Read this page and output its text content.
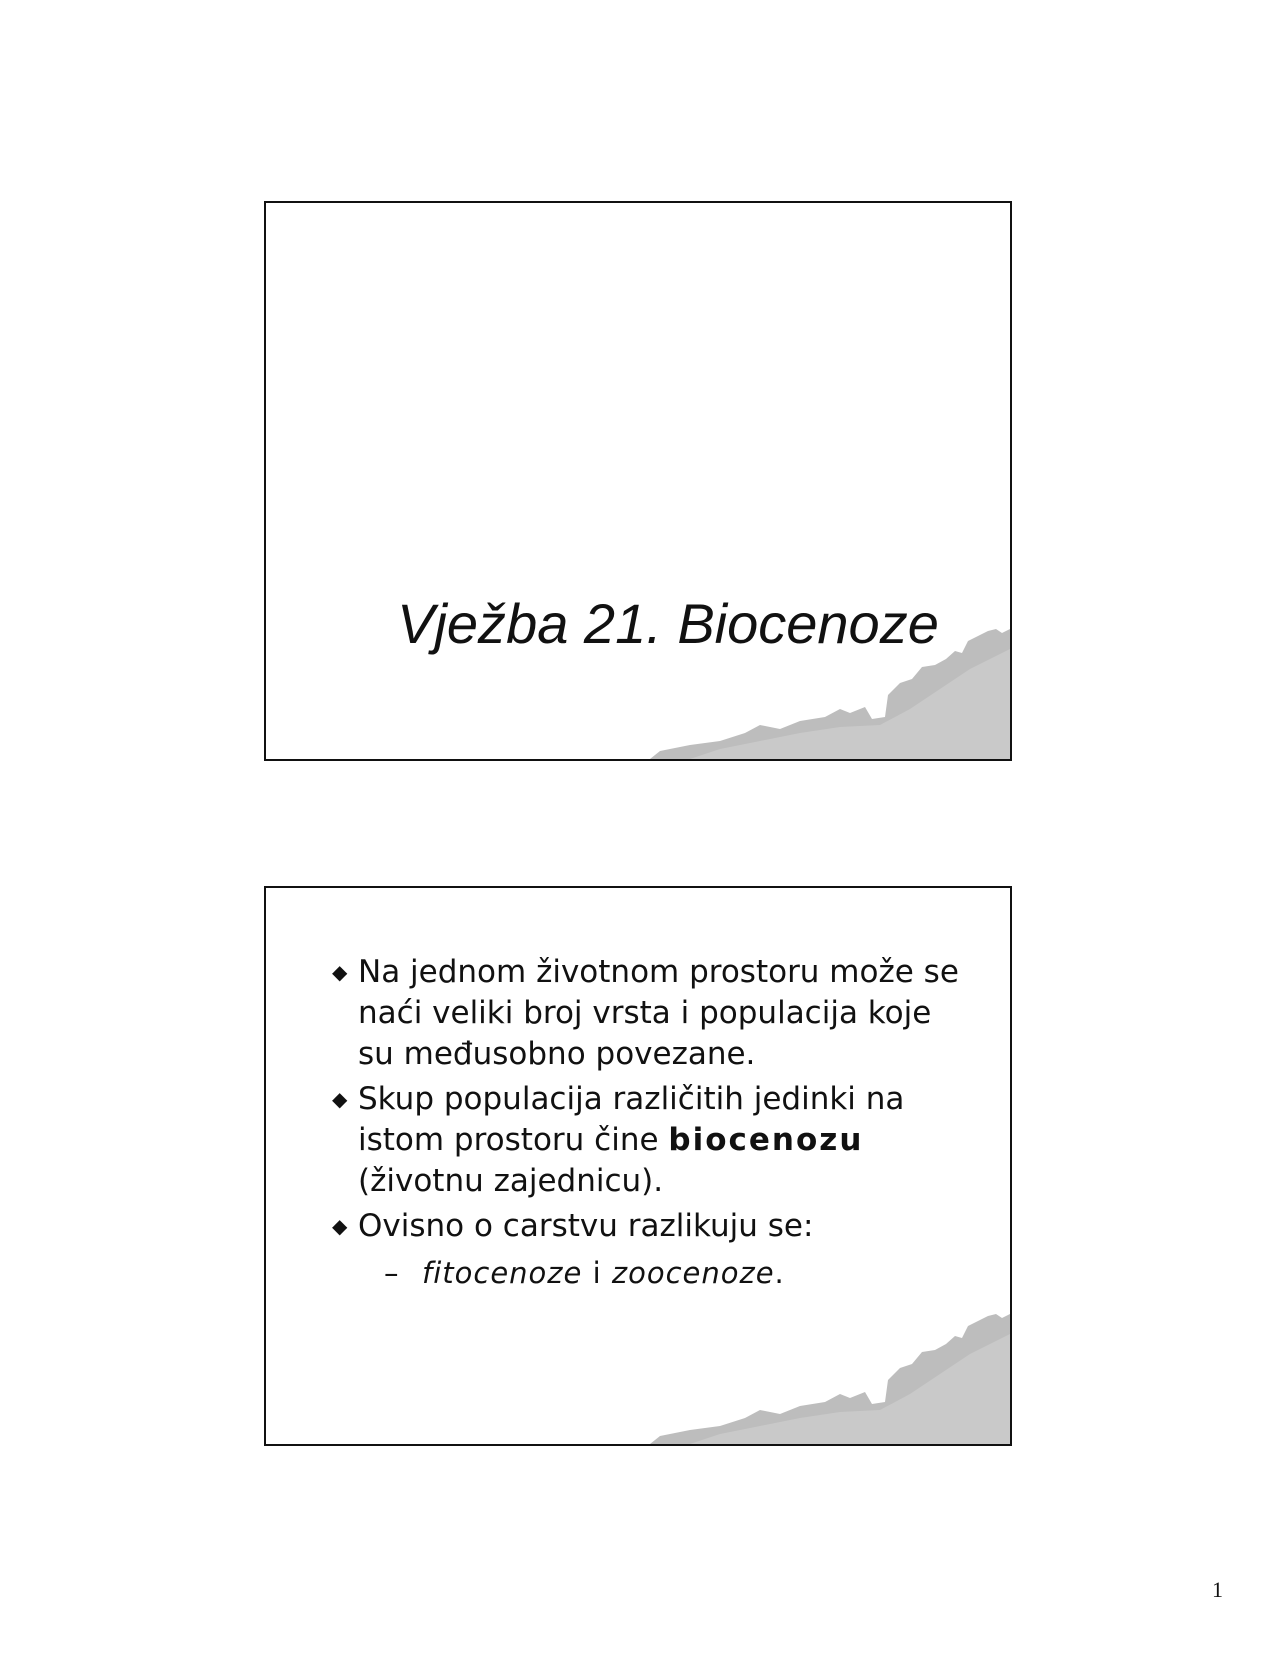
Vježba 21. Biocenoze
◆ Na jednom životnom prostoru može se naći veliki broj vrsta i populacija koje su međusobno povezane.
◆ Skup populacija različitih jedinki na istom prostoru čine biocenozu (životnu zajednicu).
◆ Ovisno o carstvu razlikuju se:
– fitocenoze i zoocenoze.
1
